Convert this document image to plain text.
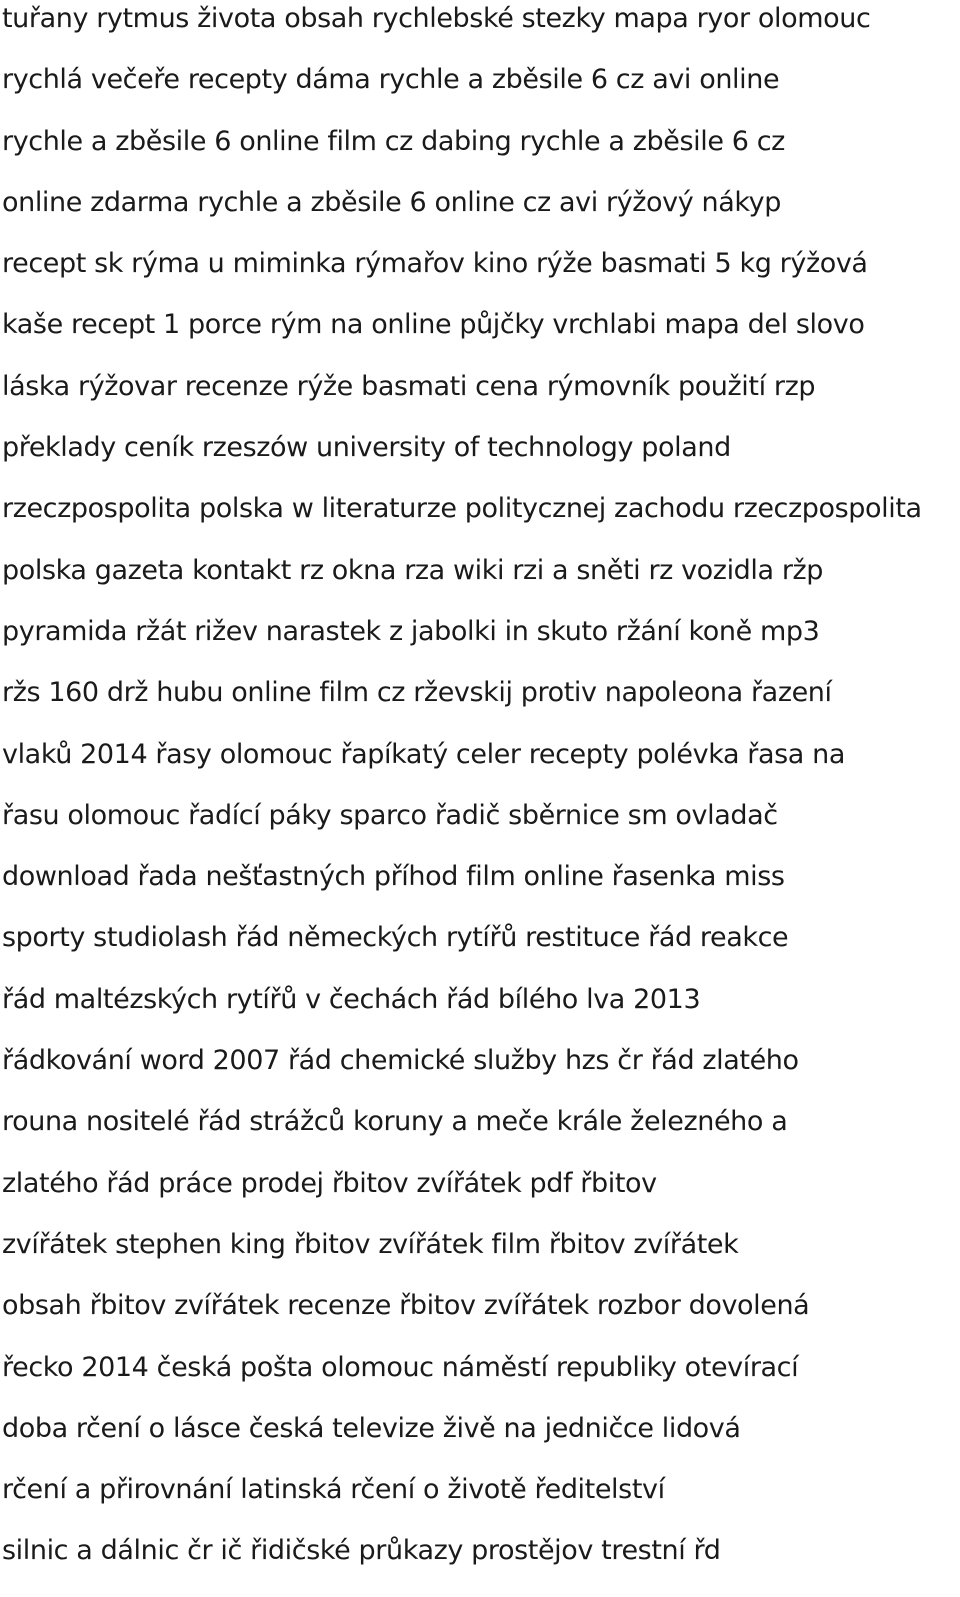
tuřany rytmus života obsah rychlebské stezky mapa ryor olomouc

rychlá večeře recepty dáma rychle a zběsile 6 cz avi online

rychle a zběsile 6 online film cz dabing rychle a zběsile 6 cz

online zdarma rychle a zběsile 6 online cz avi rýžový nákyp

recept sk rýma u miminka rýmařov kino rýže basmati 5 kg rýžová

kaše recept 1 porce rým na online půjčky vrchlabi mapa del slovo

láska rýžovar recenze rýže basmati cena rýmovník použití rzp

překlady ceník rzeszów university of technology poland

rzeczpospolita polska w literaturze politycznej zachodu rzeczpospolita

polska gazeta kontakt rz okna rza wiki rzi a sněti rz vozidla ržp

pyramida ržát rižev narastek z jabolki in skuto ržání koně mp3

ržs 160 drž hubu online film cz rževskij protiv napoleona řazení

vlaků 2014 řasy olomouc řapíkatý celer recepty polévka řasa na

řasu olomouc řadící páky sparco řadič sběrnice sm ovladač

download řada nešťastných příhod film online řasenka miss

sporty studiolash řád německých rytířů restituce řád reakce

řád maltézských rytířů v čechách řád bílého lva 2013

řádkování word 2007 řád chemické služby hzs čr řád zlatého

rouna nositelé řád strážců koruny a meče krále železného a

zlatého řád práce prodej řbitov zvířátek pdf řbitov

zvířátek stephen king řbitov zvířátek film řbitov zvířátek

obsah řbitov zvířátek recenze řbitov zvířátek rozbor dovolená

řecko 2014 česká pošta olomouc náměstí republiky otevírací

doba rčení o lásce česká televize živě na jedničce lidová

rčení a přirovnání latinská rčení o životě ředitelství

silnic a dálnic čr ič řidičské průkazy prostějov trestní řd
